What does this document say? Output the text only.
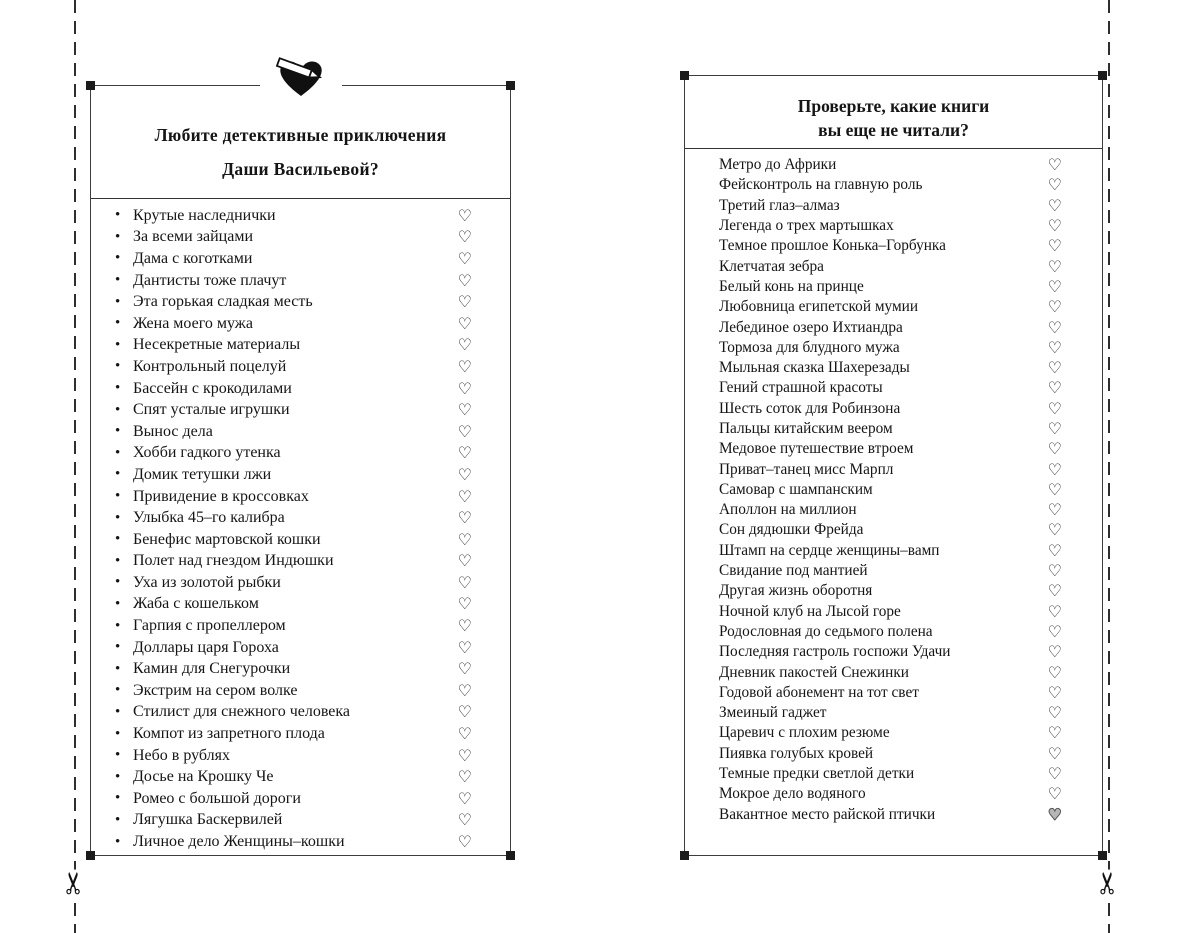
✂	✂
Любите детективные приключения
Даши Васильевой?
• Крутые наследнички	♡
• За всеми зайцами	♡
• Дама с коготками	♡
• Дантисты тоже плачут	♡
• Эта горькая сладкая месть	♡
• Жена моего мужа	♡
• Несекретные материалы	♡
• Контрольный поцелуй	♡
• Бассейн с крокодилами	♡
• Спят усталые игрушки	♡
• Вынос дела	♡
• Хобби гадкого утенка	♡
• Домик тетушки лжи	♡
• Привидение в кроссовках	♡
• Улыбка 45–го калибра	♡
• Бенефис мартовской кошки	♡
• Полет над гнездом Индюшки	♡
• Уха из золотой рыбки	♡
• Жаба с кошельком	♡
• Гарпия с пропеллером	♡
• Доллары царя Гороха	♡
• Камин для Снегурочки	♡
• Экстрим на сером волке	♡
• Стилист для снежного человека	♡
• Компот из запретного плода	♡
• Небо в рублях	♡
• Досье на Крошку Че	♡
• Ромео с большой дороги	♡
• Лягушка Баскервилей	♡
• Личное дело Женщины–кошки	♡
Проверьте, какие книги
вы еще не читали?
Метро до Африки	♡
Фейсконтроль на главную роль	♡
Третий глаз–алмаз	♡
Легенда о трех мартышках	♡
Темное прошлое Конька–Горбунка	♡
Клетчатая зебра	♡
Белый конь на принце	♡
Любовница египетской мумии	♡
Лебединое озеро Ихтиандра	♡
Тормоза для блудного мужа	♡
Мыльная сказка Шахерезады	♡
Гений страшной красоты	♡
Шесть соток для Робинзона	♡
Пальцы китайским веером	♡
Медовое путешествие втроем	♡
Приват–танец мисс Марпл	♡
Самовар с шампанским	♡
Аполлон на миллион	♡
Сон дядюшки Фрейда	♡
Штамп на сердце женщины–вамп	♡
Свидание под мантией	♡
Другая жизнь оборотня	♡
Ночной клуб на Лысой горе	♡
Родословная до седьмого полена	♡
Последняя гастроль госпожи Удачи	♡
Дневник пакостей Снежинки	♡
Годовой абонемент на тот свет	♡
Змеиный гаджет	♡
Царевич с плохим резюме	♡
Пиявка голубых кровей	♡
Темные предки светлой детки	♡
Мокрое дело водяного	♡
Вакантное место райской птички	♥
